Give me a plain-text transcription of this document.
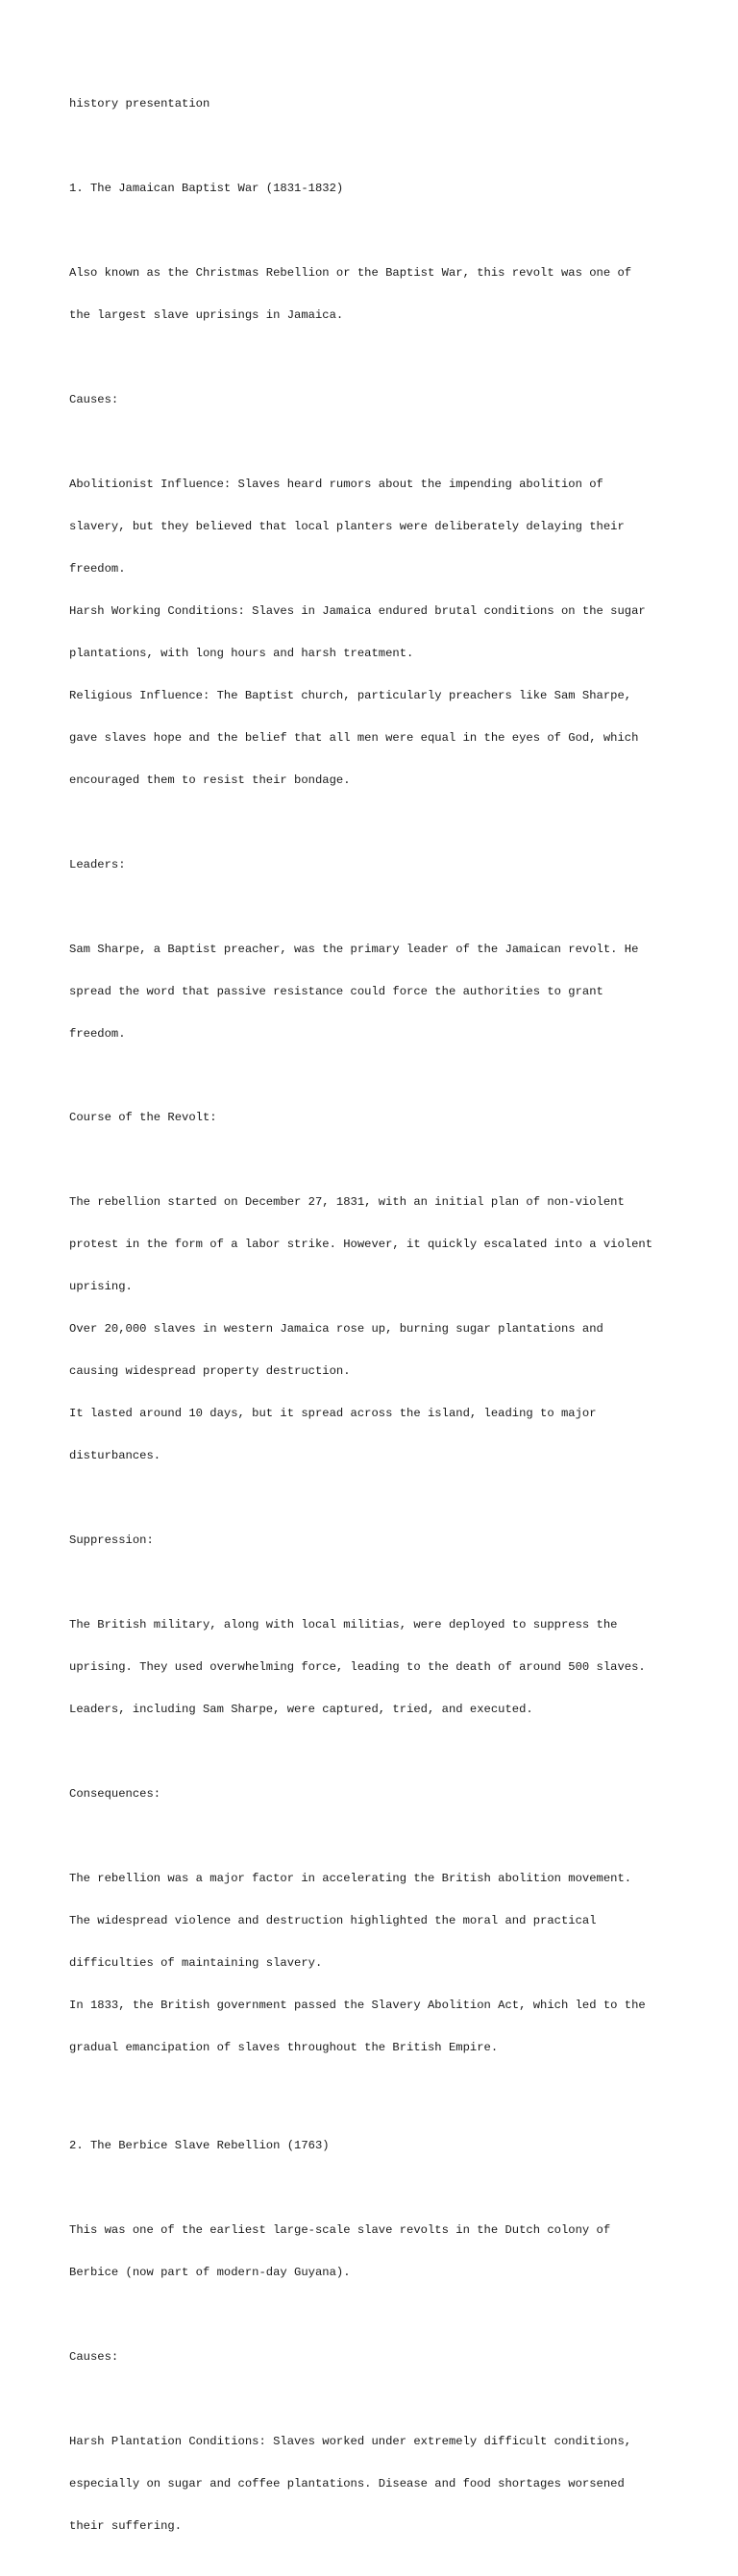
history presentation

1. The Jamaican Baptist War (1831-1832)

Also known as the Christmas Rebellion or the Baptist War, this revolt was one of

the largest slave uprisings in Jamaica.

Causes:

Abolitionist Influence: Slaves heard rumors about the impending abolition of

slavery, but they believed that local planters were deliberately delaying their

freedom.

Harsh Working Conditions: Slaves in Jamaica endured brutal conditions on the sugar

plantations, with long hours and harsh treatment.

Religious Influence: The Baptist church, particularly preachers like Sam Sharpe,

gave slaves hope and the belief that all men were equal in the eyes of God, which

encouraged them to resist their bondage.

Leaders:

Sam Sharpe, a Baptist preacher, was the primary leader of the Jamaican revolt. He

spread the word that passive resistance could force the authorities to grant

freedom.

Course of the Revolt:

The rebellion started on December 27, 1831, with an initial plan of non-violent

protest in the form of a labor strike. However, it quickly escalated into a violent

uprising.

Over 20,000 slaves in western Jamaica rose up, burning sugar plantations and

causing widespread property destruction.

It lasted around 10 days, but it spread across the island, leading to major

disturbances.

Suppression:

The British military, along with local militias, were deployed to suppress the

uprising. They used overwhelming force, leading to the death of around 500 slaves.

Leaders, including Sam Sharpe, were captured, tried, and executed.

Consequences:

The rebellion was a major factor in accelerating the British abolition movement.

The widespread violence and destruction highlighted the moral and practical

difficulties of maintaining slavery.

In 1833, the British government passed the Slavery Abolition Act, which led to the

gradual emancipation of slaves throughout the British Empire.

2. The Berbice Slave Rebellion (1763)

This was one of the earliest large-scale slave revolts in the Dutch colony of

Berbice (now part of modern-day Guyana).

Causes:

Harsh Plantation Conditions: Slaves worked under extremely difficult conditions,

especially on sugar and coffee plantations. Disease and food shortages worsened

their suffering.
